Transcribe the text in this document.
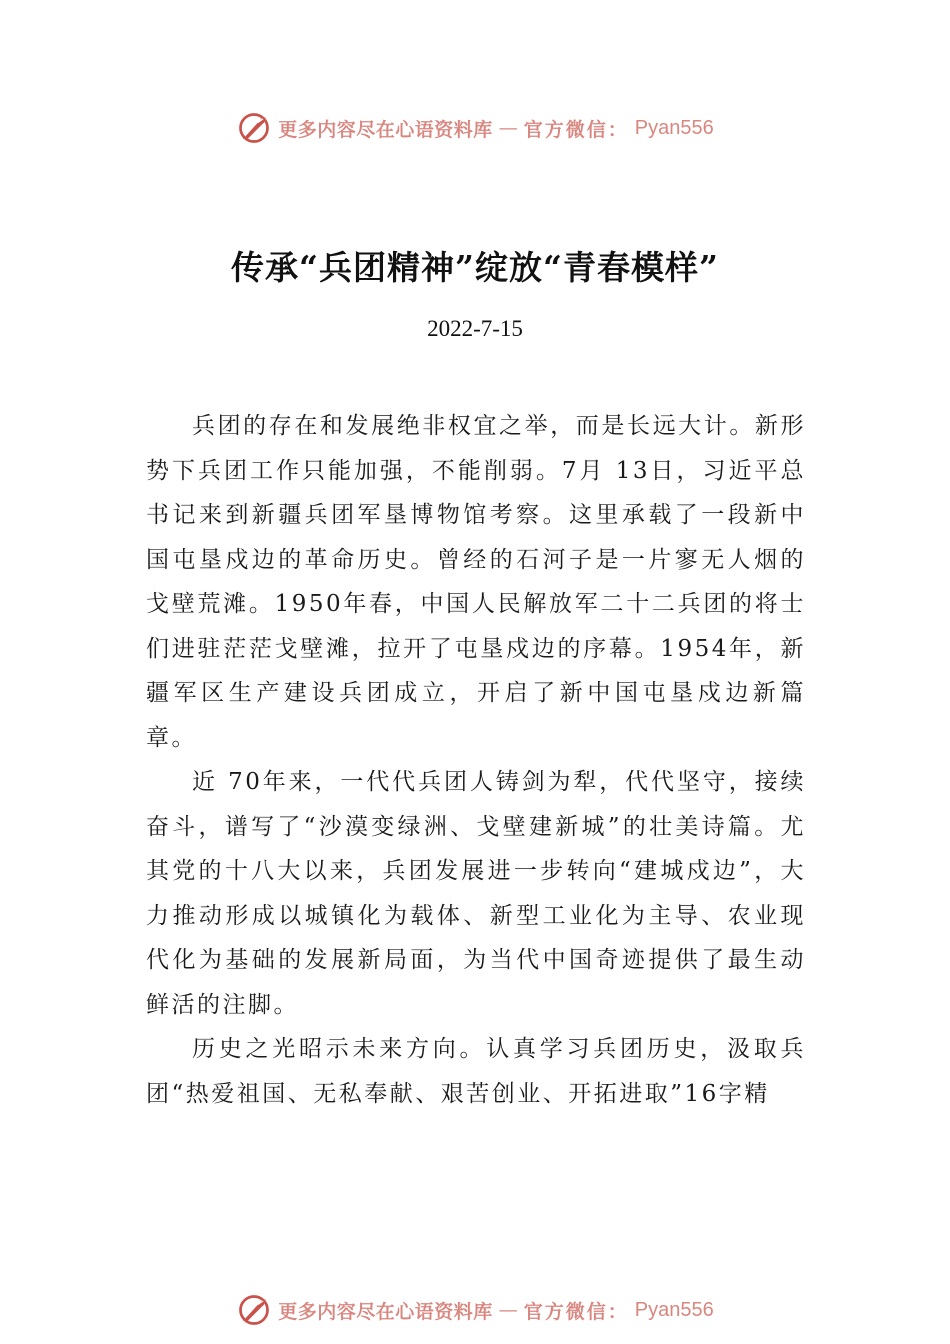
更多内容尽在心语资料库 — 官方微信： Pyan556
传承“兵团精神”绽放“青春模样”
2022-7-15

兵团的存在和发展绝非权宜之举，而是长远大计。新形势下兵团工作只能加强，不能削弱。7月 13日，习近平总书记来到新疆兵团军垦博物馆考察。这里承载了一段新中国屯垦戍边的革命历史。曾经的石河子是一片寥无人烟的戈壁荒滩。1950年春，中国人民解放军二十二兵团的将士们进驻茫茫戈壁滩，拉开了屯垦戍边的序幕。1954年，新疆军区生产建设兵团成立，开启了新中国屯垦戍边新篇章。

近 70年来，一代代兵团人铸剑为犁，代代坚守，接续奋斗，谱写了“沙漠变绿洲、戈壁建新城”的壮美诗篇。尤其党的十八大以来，兵团发展进一步转向“建城戍边”，大力推动形成以城镇化为载体、新型工业化为主导、农业现代化为基础的发展新局面，为当代中国奇迹提供了最生动鲜活的注脚。

历史之光昭示未来方向。认真学习兵团历史，汲取兵团“热爱祖国、无私奉献、艰苦创业、开拓进取”16字精

更多内容尽在心语资料库 — 官方微信： Pyan556
